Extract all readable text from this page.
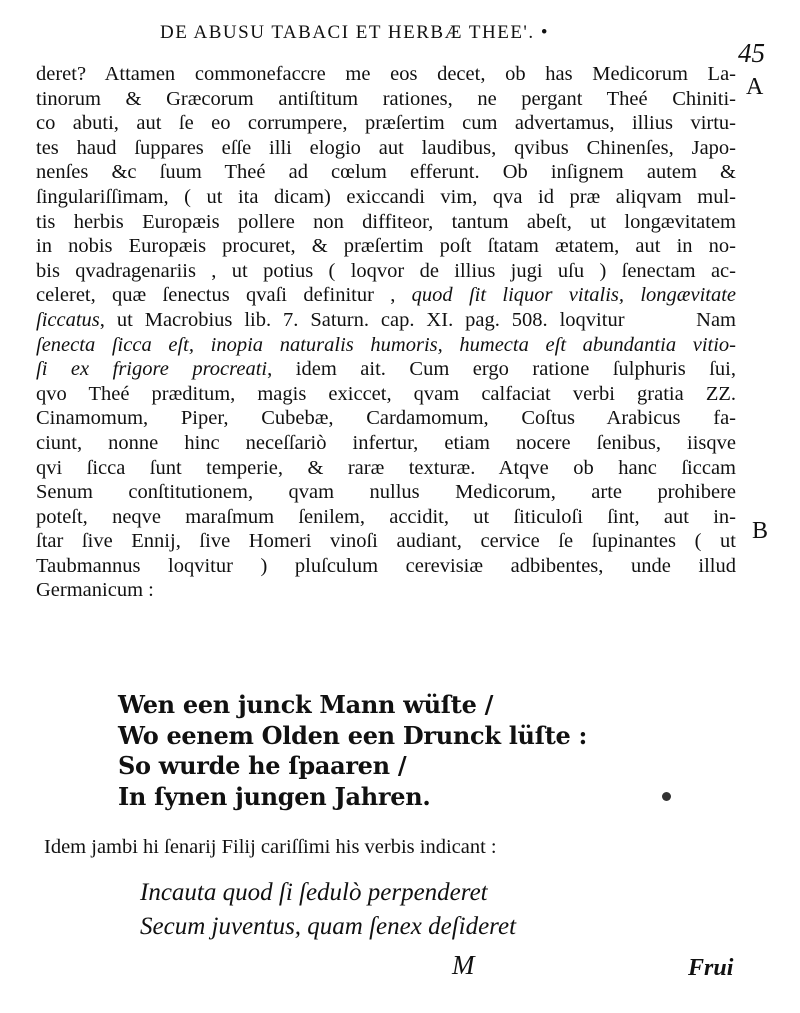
DE ABUSU TABACI ET HERBÆ THEE'. •
45
A
B
deret? Attamen commonefaccre me eos decet, ob has Medicorum La-
tinorum & Græcorum antiſtitum rationes, ne pergant Theé Chiniti-
co abuti, aut ſe eo corrumpere, præſertim cum advertamus, illius virtu-
tes haud ſuppares eſſe illi elogio aut laudibus, qvibus Chinenſes, Japo-
nenſes &c ſuum Theé ad cœlum efferunt. Ob inſignem autem &
ſingulariſſimam, ( ut ita dicam) exiccandi vim, qva id præ aliqvam mul-
tis herbis Europæis pollere non diffiteor, tantum abeſt, ut longævitatem
in nobis Europæis procuret, & præſertim poſt ſtatam ætatem, aut in no-
bis qvadragenariis , ut potius ( loqvor de illius jugi uſu ) ſenectam ac-
celeret, quæ ſenectus qvaſi definitur , quod ſit liquor vitalis, longævitate
ſiccatus, ut Macrobius lib. 7. Saturn. cap. XI. pag. 508. loqvitur      Nam
ſenecta ſicca eſt, inopia naturalis humoris, humecta eſt abundantia vitio-
ſi ex frigore procreati, idem ait. Cum ergo ratione ſulphuris ſui,
qvo Theé præditum, magis exiccet, qvam calfaciat verbi gratia ZZ.
Cinamomum, Piper, Cubebæ, Cardamomum, Coſtus Arabicus fa-
ciunt, nonne hinc neceſſariò infertur, etiam nocere ſenibus, iisqve
qvi ſicca ſunt temperie, & raræ texturæ. Atqve ob hanc ſiccam
Senum conſtitutionem, qvam nullus Medicorum, arte prohibere
poteſt, neqve maraſmum ſenilem, accidit, ut ſiticuloſi ſint, aut in-
ſtar ſive Ennij, ſive Homeri vinoſi audiant, cervice ſe ſupinantes ( ut
Taubmannus loqvitur ) pluſculum cerevisiæ adbibentes, unde illud
Germanicum :
Wen een junck Mann wüſte /
Wo eenem Olden een Drunck lüſte :
So wurde he ſpaaren /
In ſynen jungen Jahren.
Idem jambi hi ſenarij Filij cariſſimi his verbis indicant :
Incauta quod ſi ſedulò perpenderet
Secum juventus, quam ſenex deſideret
M	Frui
